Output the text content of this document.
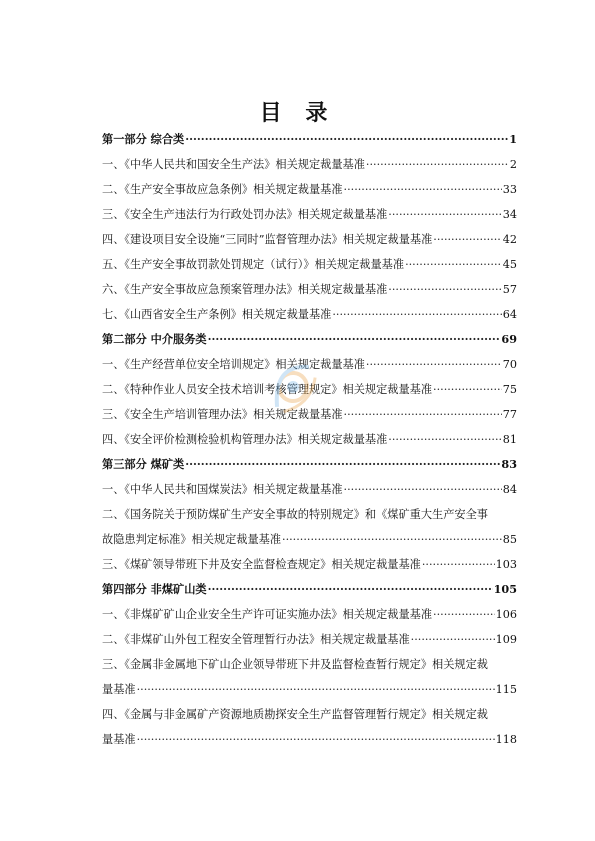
目 录
第一部分 综合类 ·····	1
一、《中华人民共和国安全生产法》相关规定裁量基准 ·····	2
二、《生产安全事故应急条例》相关规定裁量基准 ·····	33
三、《安全生产违法行为行政处罚办法》相关规定裁量基准 ·····	34
四、《建设项目安全设施“三同时”监督管理办法》相关规定裁量基准 ·····	42
五、《生产安全事故罚款处罚规定（试行）》相关规定裁量基准 ·····	45
六、《生产安全事故应急预案管理办法》相关规定裁量基准 ·····	57
七、《山西省安全生产条例》相关规定裁量基准 ·····	64
第二部分 中介服务类 ·····	69
一、《生产经营单位安全培训规定》相关规定裁量基准 ·····	70
二、《特种作业人员安全技术培训考核管理规定》相关规定裁量基准 ·····	75
三、《安全生产培训管理办法》相关规定裁量基准 ·····	77
四、《安全评价检测检验机构管理办法》相关规定裁量基准 ·····	81
第三部分 煤矿类 ·····	83
一、《中华人民共和国煤炭法》相关规定裁量基准 ·····	84
二、《国务院关于预防煤矿生产安全事故的特别规定》和《煤矿重大生产安全事
故隐患判定标准》相关规定裁量基准 ·····	85
三、《煤矿领导带班下井及安全监督检查规定》相关规定裁量基准 ·····	103
第四部分 非煤矿山类 ·····	105
一、《非煤矿矿山企业安全生产许可证实施办法》相关规定裁量基准 ·····	106
二、《非煤矿山外包工程安全管理暂行办法》相关规定裁量基准 ·····	109
三、《金属非金属地下矿山企业领导带班下井及监督检查暂行规定》相关规定裁
量基准 ·····	115
四、《金属与非金属矿产资源地质勘探安全生产监督管理暂行规定》相关规定裁
量基准 ·····	118
